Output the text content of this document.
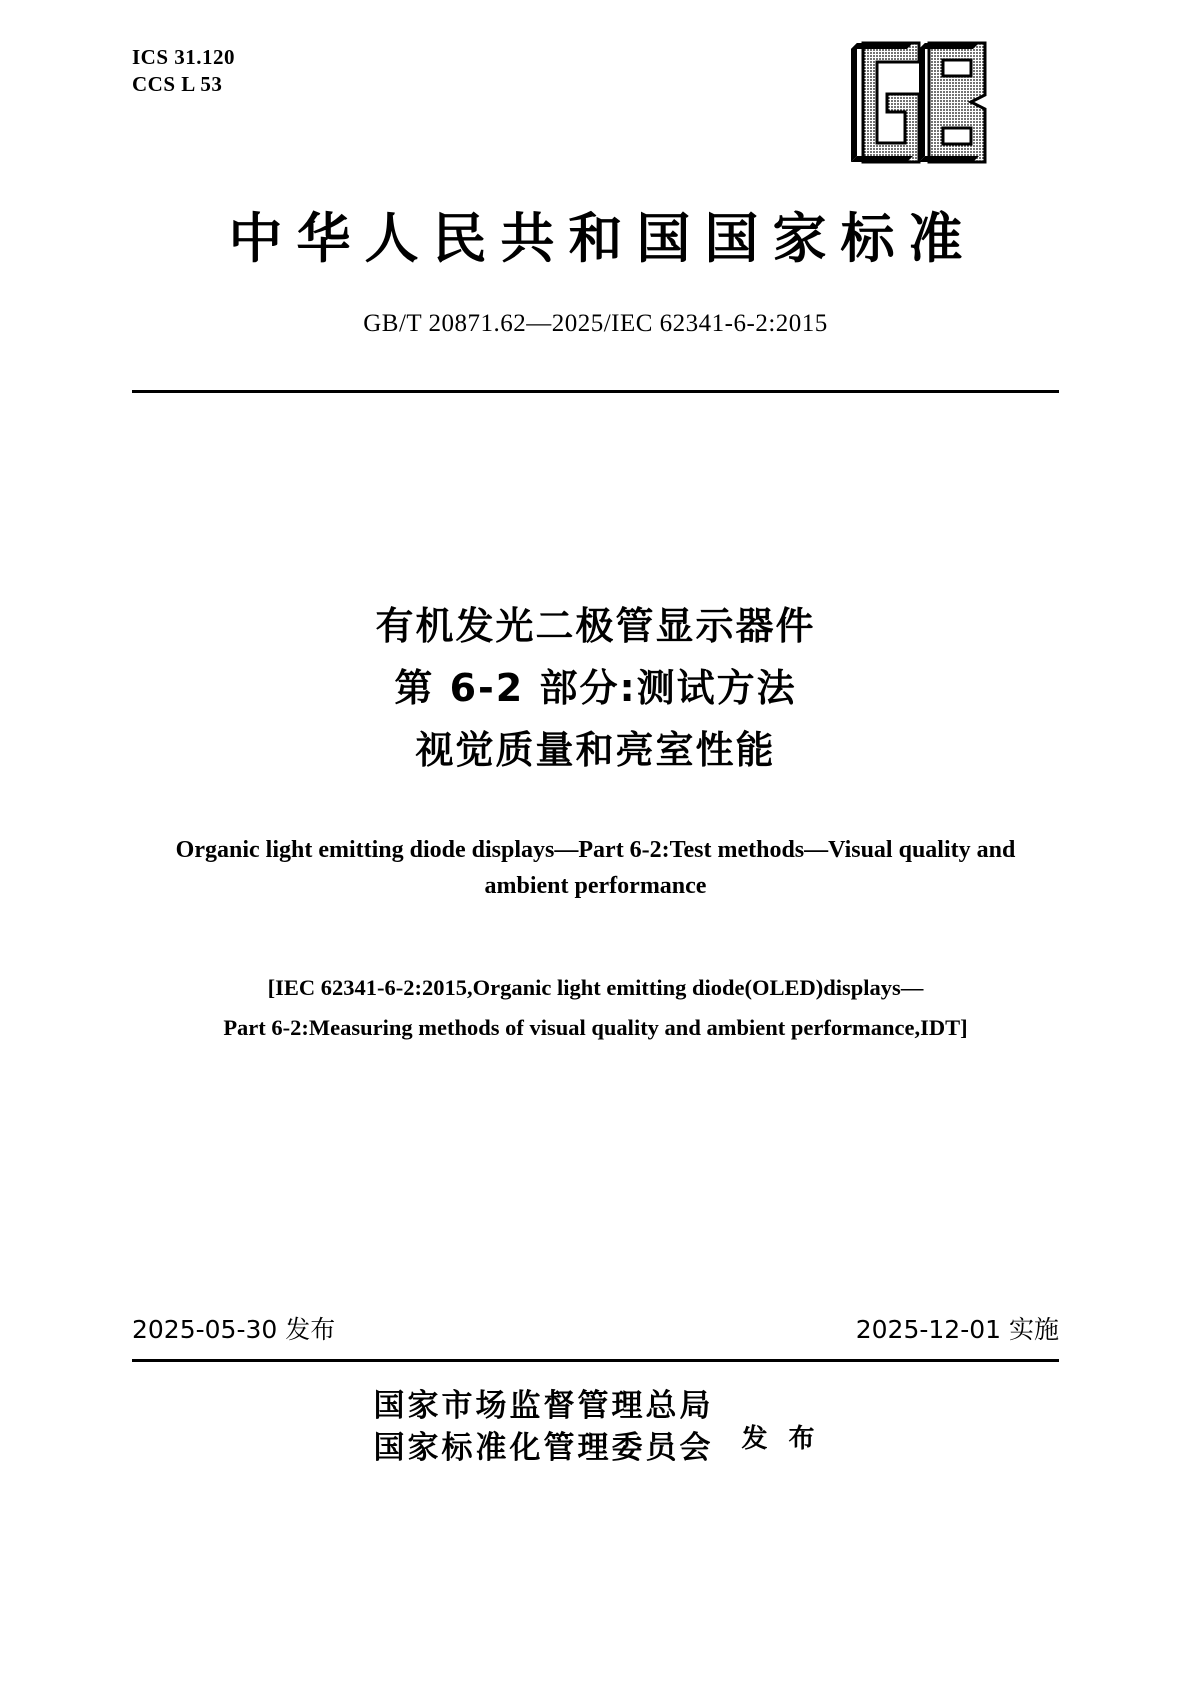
ICS 31.120
CCS L 53
中华人民共和国国家标准
GB/T 20871.62—2025/IEC 62341-6-2:2015
有机发光二极管显示器件
第 6-2 部分:测试方法
视觉质量和亮室性能
Organic light emitting diode displays—Part 6-2:Test methods—Visual quality and ambient performance
[IEC 62341-6-2:2015,Organic light emitting diode(OLED)displays—
Part 6-2:Measuring methods of visual quality and ambient performance,IDT]
2025-05-30 发布	2025-12-01 实施
国家市场监督管理总局
国家标准化管理委员会 发 布
